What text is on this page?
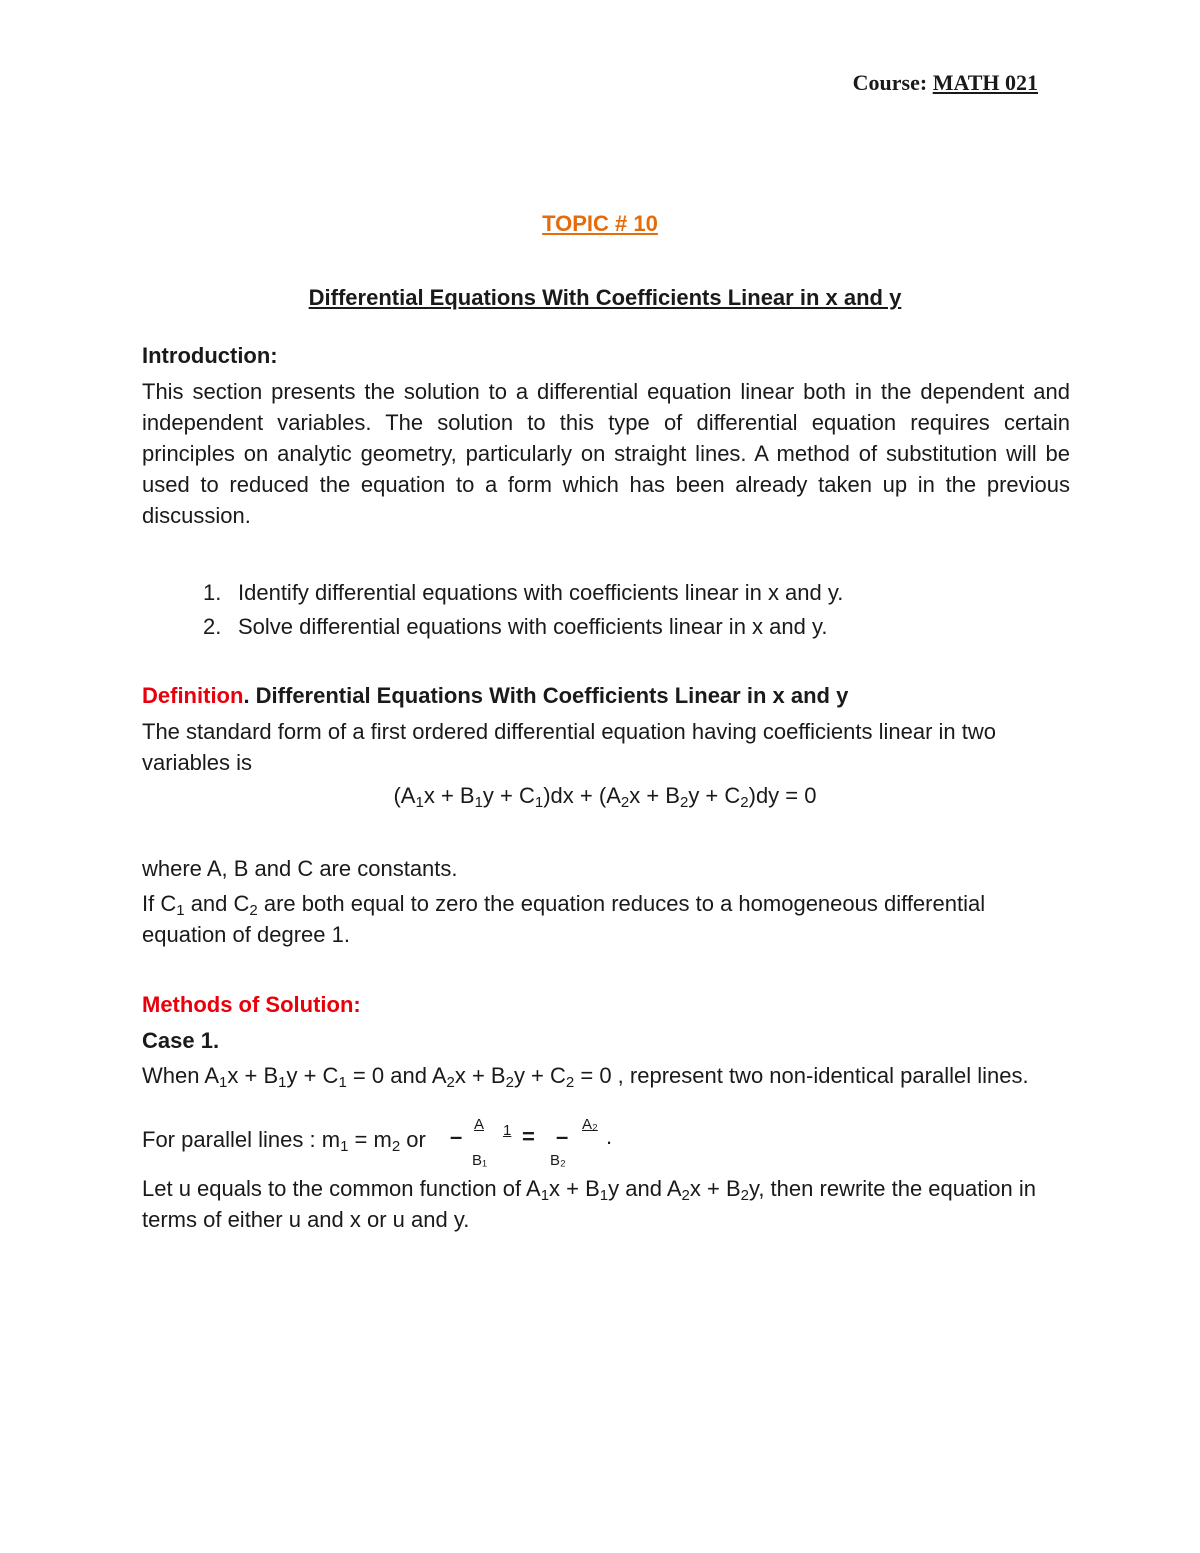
Course: MATH 021
TOPIC # 10
Differential Equations With Coefficients Linear in x and y
Introduction:
This section presents the solution to a differential equation linear both in the dependent and independent variables. The solution to this type of differential equation requires certain principles on analytic geometry, particularly on straight lines. A method of substitution will be used to reduced the equation to a form which has been already taken up in the previous discussion.
1. Identify differential equations with coefficients linear in x and y.
2. Solve differential equations with coefficients linear in x and y.
Definition. Differential Equations With Coefficients Linear in x and y
The standard form of a first ordered differential equation having coefficients linear in two variables is
$(A_1x + B_1y + C_1)dx + (A_2x + B_2y + C_2)dy = 0$
where A, B and C are constants.
If $C_1$ and $C_2$ are both equal to zero the equation reduces to a homogeneous differential equation of degree 1.
Methods of Solution:
Case 1.
When $A_1x + B_1y + C_1 = 0$ and $A_2x + B_2y + C_2 = 0$ , represent two non-identical parallel lines.
For parallel lines : $m_1 = m_2$ or	– A 1
B₁
= – A₂ .
B₂
Let u equals to the common function of $A_1x + B_1y$ and $A_2x + B_2y$, then rewrite the equation in terms of either u and x or u and y.
